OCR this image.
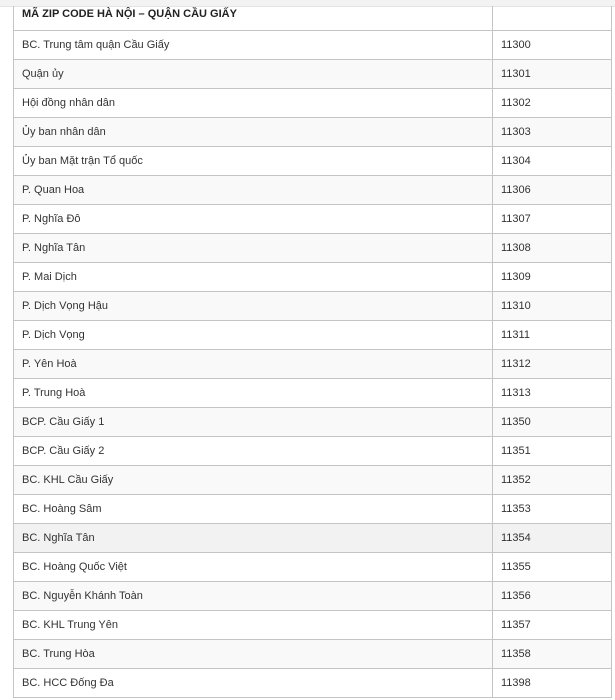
MÃ ZIP CODE HÀ NỘI – QUẬN CẦU GIẤY	
BC. Trung tâm quận Cầu Giấy	11300
Quận ủy	11301
Hội đồng nhân dân	11302
Ủy ban nhân dân	11303
Ủy ban Mặt trận Tổ quốc	11304
P. Quan Hoa	11306
P. Nghĩa Đô	11307
P. Nghĩa Tân	11308
P. Mai Dịch	11309
P. Dịch Vọng Hậu	11310
P. Dịch Vọng	11311
P. Yên Hoà	11312
P. Trung Hoà	11313
BCP. Cầu Giấy 1	11350
BCP. Cầu Giấy 2	11351
BC. KHL Cầu Giấy	11352
BC. Hoàng Sâm	11353
BC. Nghĩa Tân	11354
BC. Hoàng Quốc Việt	11355
BC. Nguyễn Khánh Toàn	11356
BC. KHL Trung Yên	11357
BC. Trung Hòa	11358
BC. HCC Đống Đa	11398
